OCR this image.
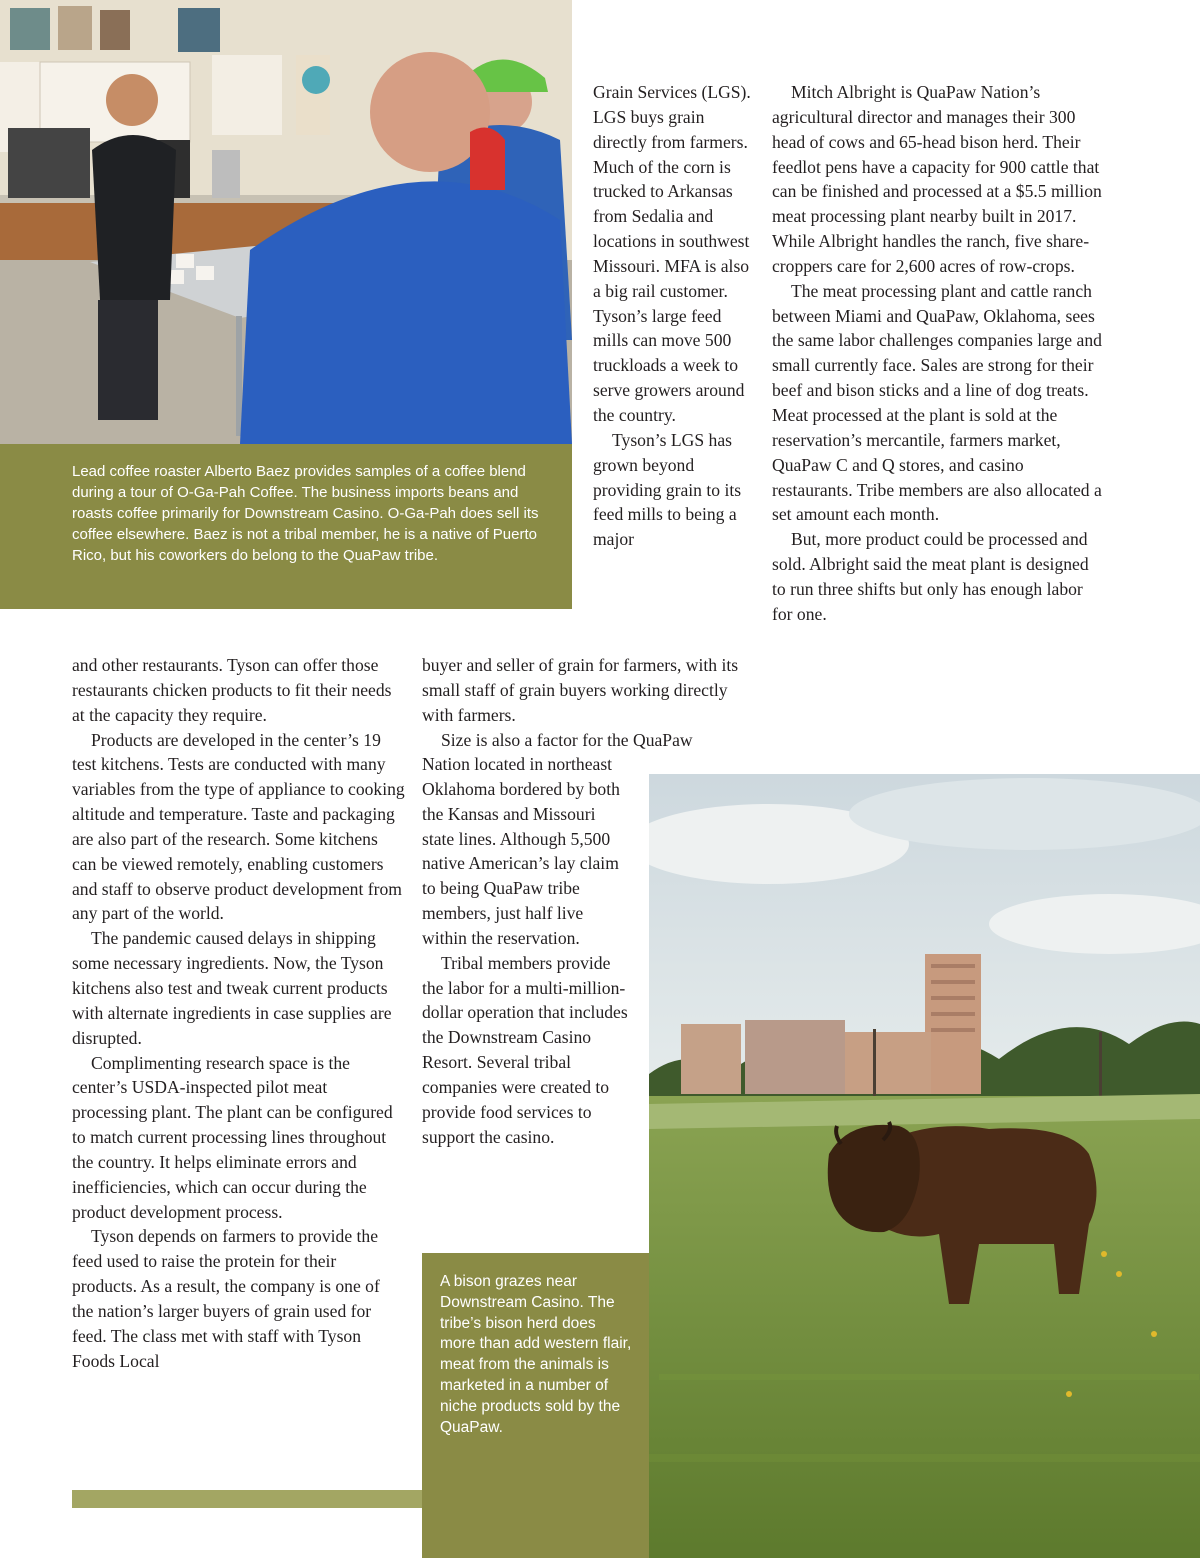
Lead coffee roaster Alberto Baez provides samples of a coffee blend during a tour of O-Ga-Pah Coffee. The business imports beans and roasts coffee primarily for Downstream Casino. O-Ga-Pah does sell its coffee elsewhere. Baez is not a tribal member, he is a native of Puerto Rico, but his coworkers do belong to the QuaPaw tribe.

A bison grazes near Downstream Casino. The tribe’s bison herd does more than add western flair, meat from the animals is marketed in a number of niche products sold by the QuaPaw.

and other restaurants. Tyson can offer those restaurants chicken products to fit their needs at the capacity they require.

Products are developed in the center’s 19 test kitchens. Tests are conducted with many variables from the type of appliance to cooking altitude and temperature. Taste and packaging are also part of the research. Some kitchens can be viewed remotely, enabling customers and staff to observe product development from any part of the world.

The pandemic caused delays in shipping some necessary ingredients. Now, the Tyson kitchens also test and tweak current products with alternate ingredients in case supplies are disrupted.

Complimenting research space is the center’s USDA-inspected pilot meat processing plant. The plant can be configured to match current processing lines throughout the country. It helps eliminate errors and inefficiencies, which can occur during the product development process.

Tyson depends on farmers to provide the feed used to raise the protein for their products. As a result, the company is one of the nation’s larger buyers of grain used for feed. The class met with staff with Tyson Foods Local

Grain Services (LGS). LGS buys grain directly from farmers. Much of the corn is trucked to Arkansas from Sedalia and locations in southwest Missouri. MFA is also a big rail customer. Tyson’s large feed mills can move 500 truckloads a week to serve growers around the country.

Tyson’s LGS has grown beyond providing grain to its feed mills to being a major

buyer and seller of grain for farmers, with its small staff of grain buyers working directly with farmers.

Size is also a factor for the QuaPaw

Nation located in northeast Oklahoma bordered by both the Kansas and Missouri state lines. Although 5,500 native American’s lay claim to being QuaPaw tribe members, just half live within the reservation.

Tribal members provide the labor for a multi-million-dollar operation that includes the Downstream Casino Resort. Several tribal companies were created to provide food services to support the casino.

Mitch Albright is QuaPaw Nation’s agricultural director and manages their 300 head of cows and 65-head bison herd. Their feedlot pens have a capacity for 900 cattle that can be finished and processed at a $5.5 million meat processing plant nearby built in 2017. While Albright handles the ranch, five share-croppers care for 2,600 acres of row-crops.

The meat processing plant and cattle ranch between Miami and QuaPaw, Oklahoma, sees the same labor challenges companies large and small currently face. Sales are strong for their beef and bison sticks and a line of dog treats. Meat processed at the plant is sold at the reservation’s mercantile, farmers market, QuaPaw C and Q stores, and casino restaurants. Tribe members are also allocated a set amount each month.

But, more product could be processed and sold. Albright said the meat plant is designed to run three shifts but only has enough labor for one.
